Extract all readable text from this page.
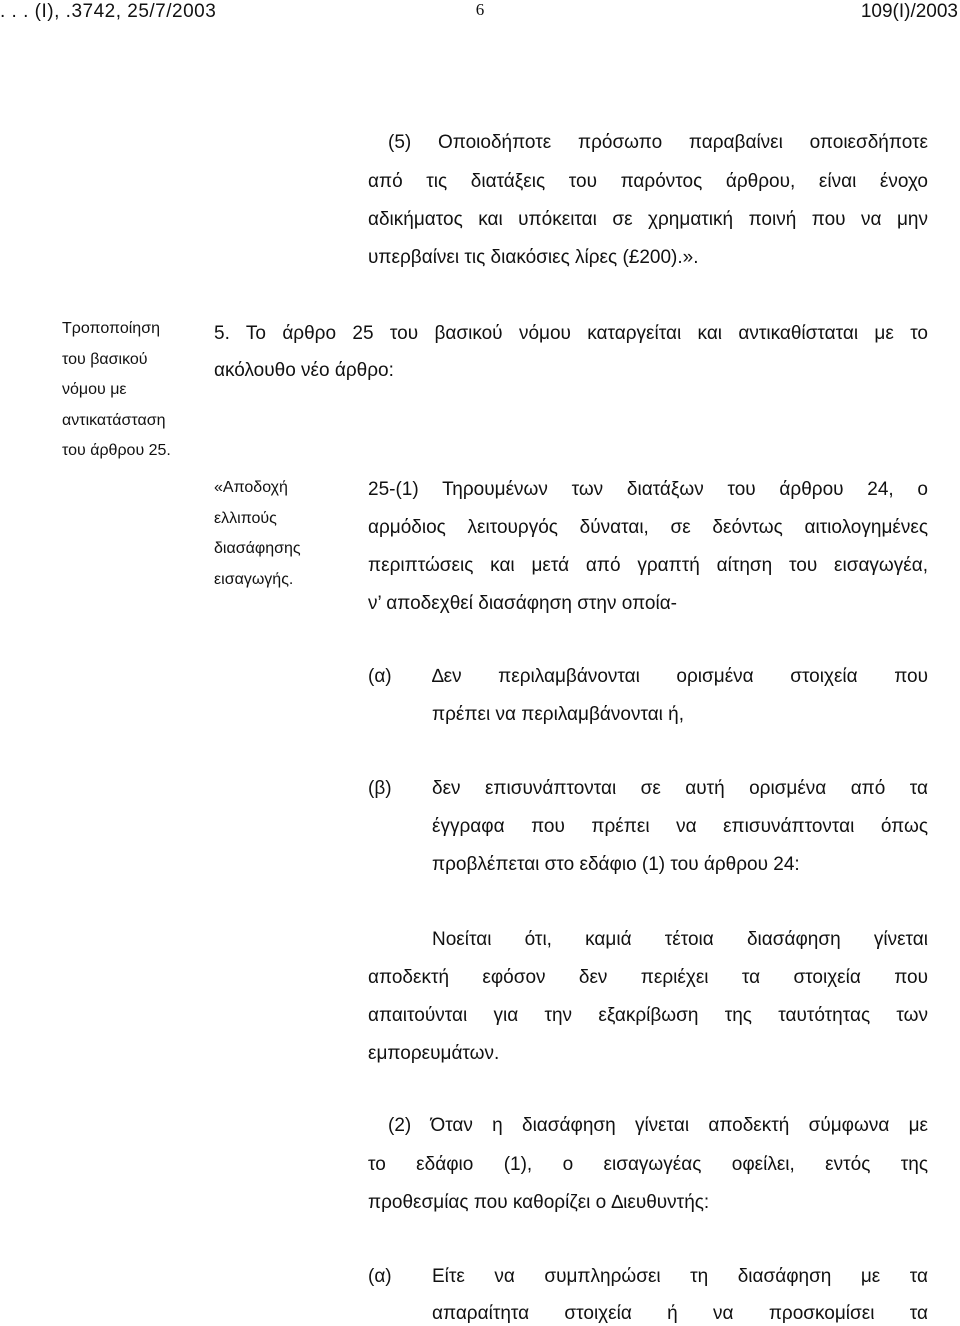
. . . (Ι), .3742, 25/7/2003	6	109(Ι)/2003
(5) Οποιοδήποτε πρόσωπο παραβαίνει οποιεσδήποτε
από τις διατάξεις του παρόντος άρθρου, είναι ένοχο
αδικήματος και υπόκειται σε χρηματική ποινή που να μην
υπερβαίνει τις διακόσιες λίρες (£200).».
Τροποποίηση
του βασικού
νόμου με
αντικατάσταση
του άρθρου 25.
5. Το άρθρο 25 του βασικού νόμου καταργείται και αντικαθίσταται με το
ακόλουθο νέο άρθρο:
«Αποδοχή
ελλιπούς
διασάφησης
εισαγωγής.
25-(1) Τηρουμένων των διατάξων του άρθρου 24, ο
αρμόδιος λειτουργός δύναται, σε δεόντως αιτιολογημένες
περιπτώσεις και μετά από γραπτή αίτηση του εισαγωγέα,
ν’ αποδεχθεί διασάφηση στην οποία-
(α) ∆εν περιλαμβάνονται ορισμένα στοιχεία που
πρέπει να περιλαμβάνονται ή,
(β) δεν επισυνάπτονται σε αυτή ορισμένα από τα
έγγραφα που πρέπει να επισυνάπτονται όπως
προβλέπεται στο εδάφιο (1) του άρθρου 24:
Νοείται ότι, καμιά τέτοια διασάφηση γίνεται
αποδεκτή εφόσον δεν περιέχει τα στοιχεία που
απαιτούνται για την εξακρίβωση της ταυτότητας των
εμπορευμάτων.
(2) Όταν η διασάφηση γίνεται αποδεκτή σύμφωνα με
το εδάφιο (1), ο εισαγωγέας οφείλει, εντός της
προθεσμίας που καθορίζει ο ∆ιευθυντής:
(α) Είτε να συμπληρώσει τη διασάφηση με τα
απαραίτητα στοιχεία ή να προσκομίσει τα
